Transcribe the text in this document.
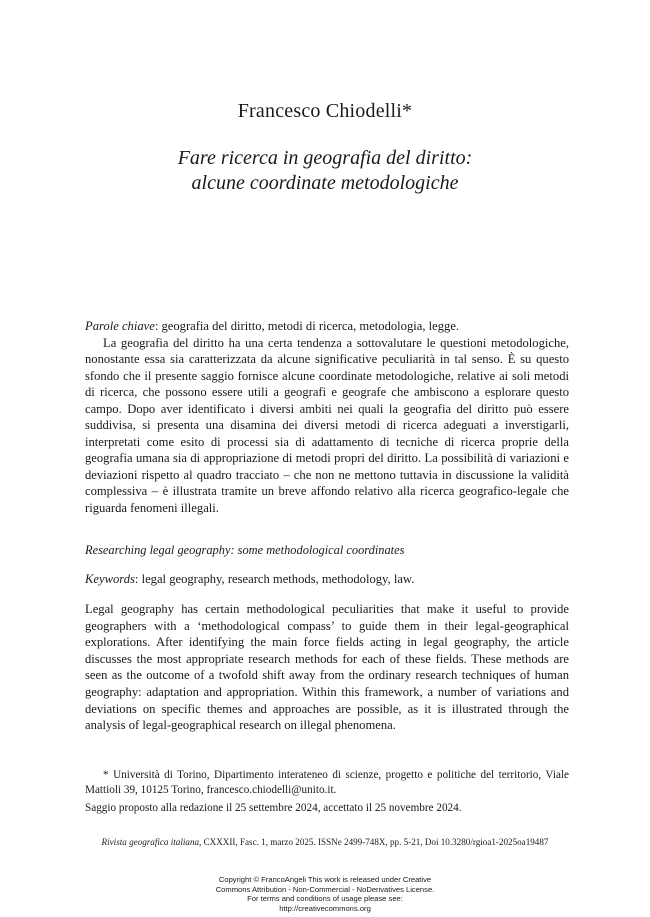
Francesco Chiodelli*
Fare ricerca in geografia del diritto:
alcune coordinate metodologiche

Parole chiave: geografia del diritto, metodi di ricerca, metodologia, legge.

La geografia del diritto ha una certa tendenza a sottovalutare le questioni metodologiche, nonostante essa sia caratterizzata da alcune significative peculiarità in tal senso. È su questo sfondo che il presente saggio fornisce alcune coordinate metodologiche, relative ai soli metodi di ricerca, che possono essere utili a geografi e geografe che ambiscono a esplorare questo campo. Dopo aver identificato i diversi ambiti nei quali la geografia del diritto può essere suddivisa, si presenta una disamina dei diversi metodi di ricerca adeguati a inverstigarli, interpretati come esito di processi sia di adattamento di tecniche di ricerca proprie della geografia umana sia di appropriazione di metodi propri del diritto. La possibilità di variazioni e deviazioni rispetto al quadro tracciato – che non ne mettono tuttavia in discussione la validità complessiva – è illustrata tramite un breve affondo relativo alla ricerca geografico-legale che riguarda fenomeni illegali.

Researching legal geography: some methodological coordinates
Keywords: legal geography, research methods, methodology, law.
Legal geography has certain methodological peculiarities that make it useful to provide geographers with a ‘methodological compass’ to guide them in their legal-geographical explorations. After identifying the main force fields acting in legal geography, the article discusses the most appropriate research methods for each of these fields. These methods are seen as the outcome of a twofold shift away from the ordinary research techniques of human geography: adaptation and appropriation. Within this framework, a number of variations and deviations on specific themes and approaches are possible, as it is illustrated through the analysis of legal-geographical research on illegal phenomena.

* Università di Torino, Dipartimento interateneo di scienze, progetto e politiche del territorio, Viale Mattioli 39, 10125 Torino, francesco.chiodelli@unito.it.

Saggio proposto alla redazione il 25 settembre 2024, accettato il 25 novembre 2024.

Rivista geografica italiana, CXXXII, Fasc. 1, marzo 2025. ISSNe 2499-748X, pp. 5-21, Doi 10.3280/rgioa1-2025oa19487
Copyright © FrancoAngeli This work is released under Creative
Commons Attribution - Non-Commercial - NoDerivatives License.
For terms and conditions of usage please see:
http://creativecommons.org
